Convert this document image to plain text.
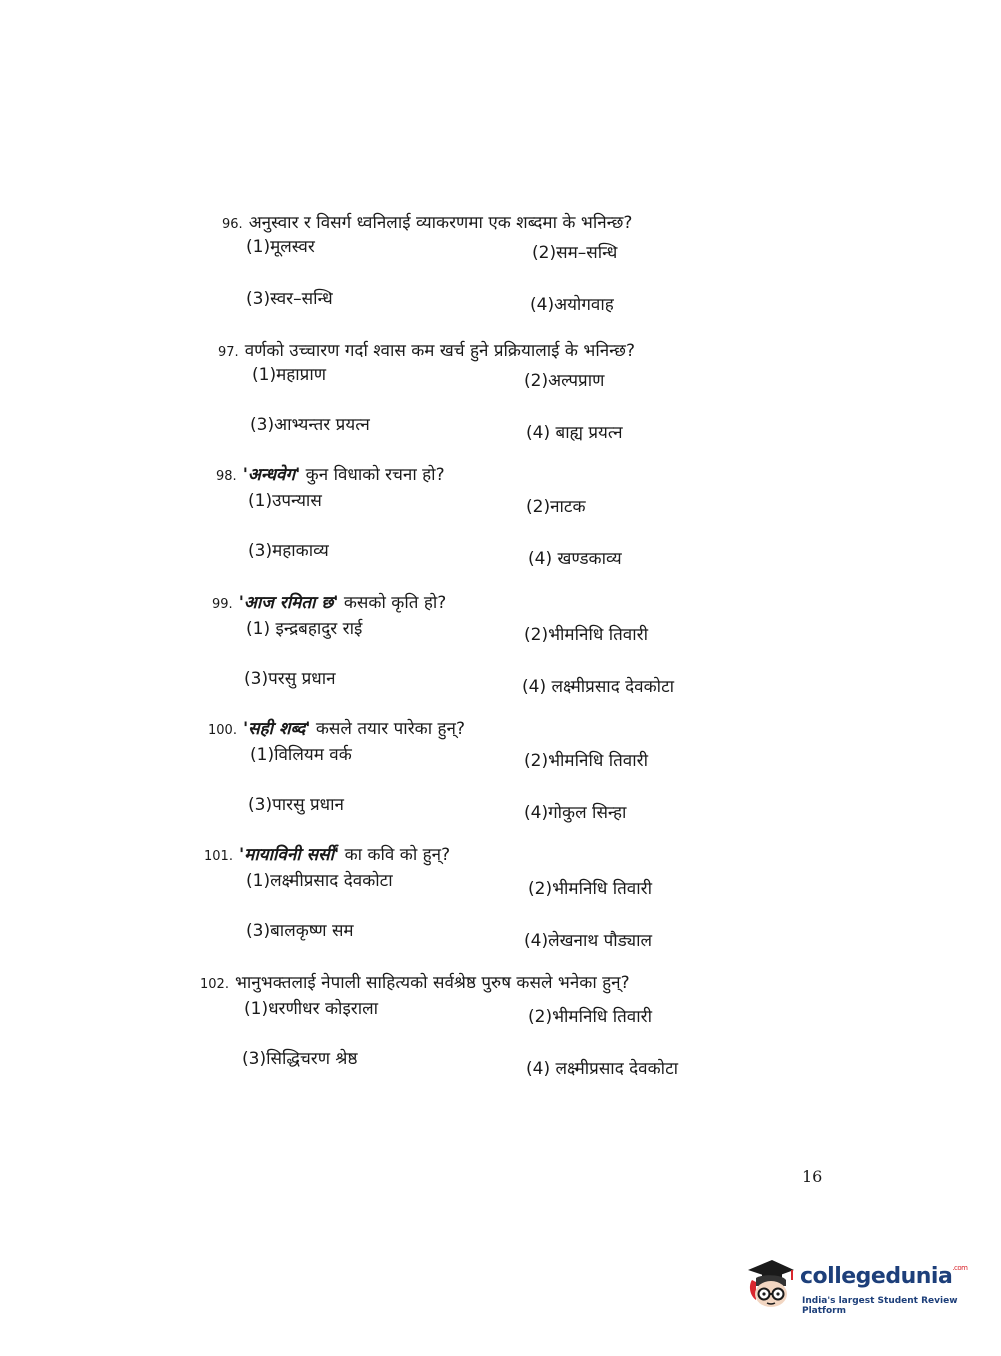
96. अनुस्वार र विसर्ग ध्वनिलाई व्याकरणमा एक शब्दमा के भनिन्छ?
(1)मूलस्वर	(2)सम–सन्धि
(3)स्वर–सन्धि	(4)अयोगवाह
97. वर्णको उच्चारण गर्दा श्वास कम खर्च हुने प्रक्रियालाई के भनिन्छ?
(1)महाप्राण	(2)अल्पप्राण
(3)आभ्यन्तर प्रयत्न	(4) बाह्य प्रयत्न
98. 'अन्धवेग' कुन विधाको रचना हो?
(1)उपन्यास	(2)नाटक
(3)महाकाव्य	(4) खण्डकाव्य
99. 'आज रमिता छ' कसको कृति हो?
(1) इन्द्रबहादुर राई	(2)भीमनिधि तिवारी
(3)परसु प्रधान	(4) लक्ष्मीप्रसाद देवकोटा
100. 'सही शब्द' कसले तयार पारेका हुन्?
(1)विलियम वर्क	(2)भीमनिधि तिवारी
(3)पारसु प्रधान	(4)गोकुल सिन्हा
101. 'मायाविनी सर्सी' का कवि को हुन्?
(1)लक्ष्मीप्रसाद देवकोटा	(2)भीमनिधि तिवारी
(3)बालकृष्ण सम	(4)लेखनाथ पौड्याल
102. भानुभक्तलाई नेपाली साहित्यको सर्वश्रेष्ठ पुरुष कसले भनेका हुन्?
(1)धरणीधर कोइराला	(2)भीमनिधि तिवारी
(3)सिद्धिचरण श्रेष्ठ	(4) लक्ष्मीप्रसाद देवकोटा
16
collegedunia$^{.com}$
India's largest Student Review Platform
